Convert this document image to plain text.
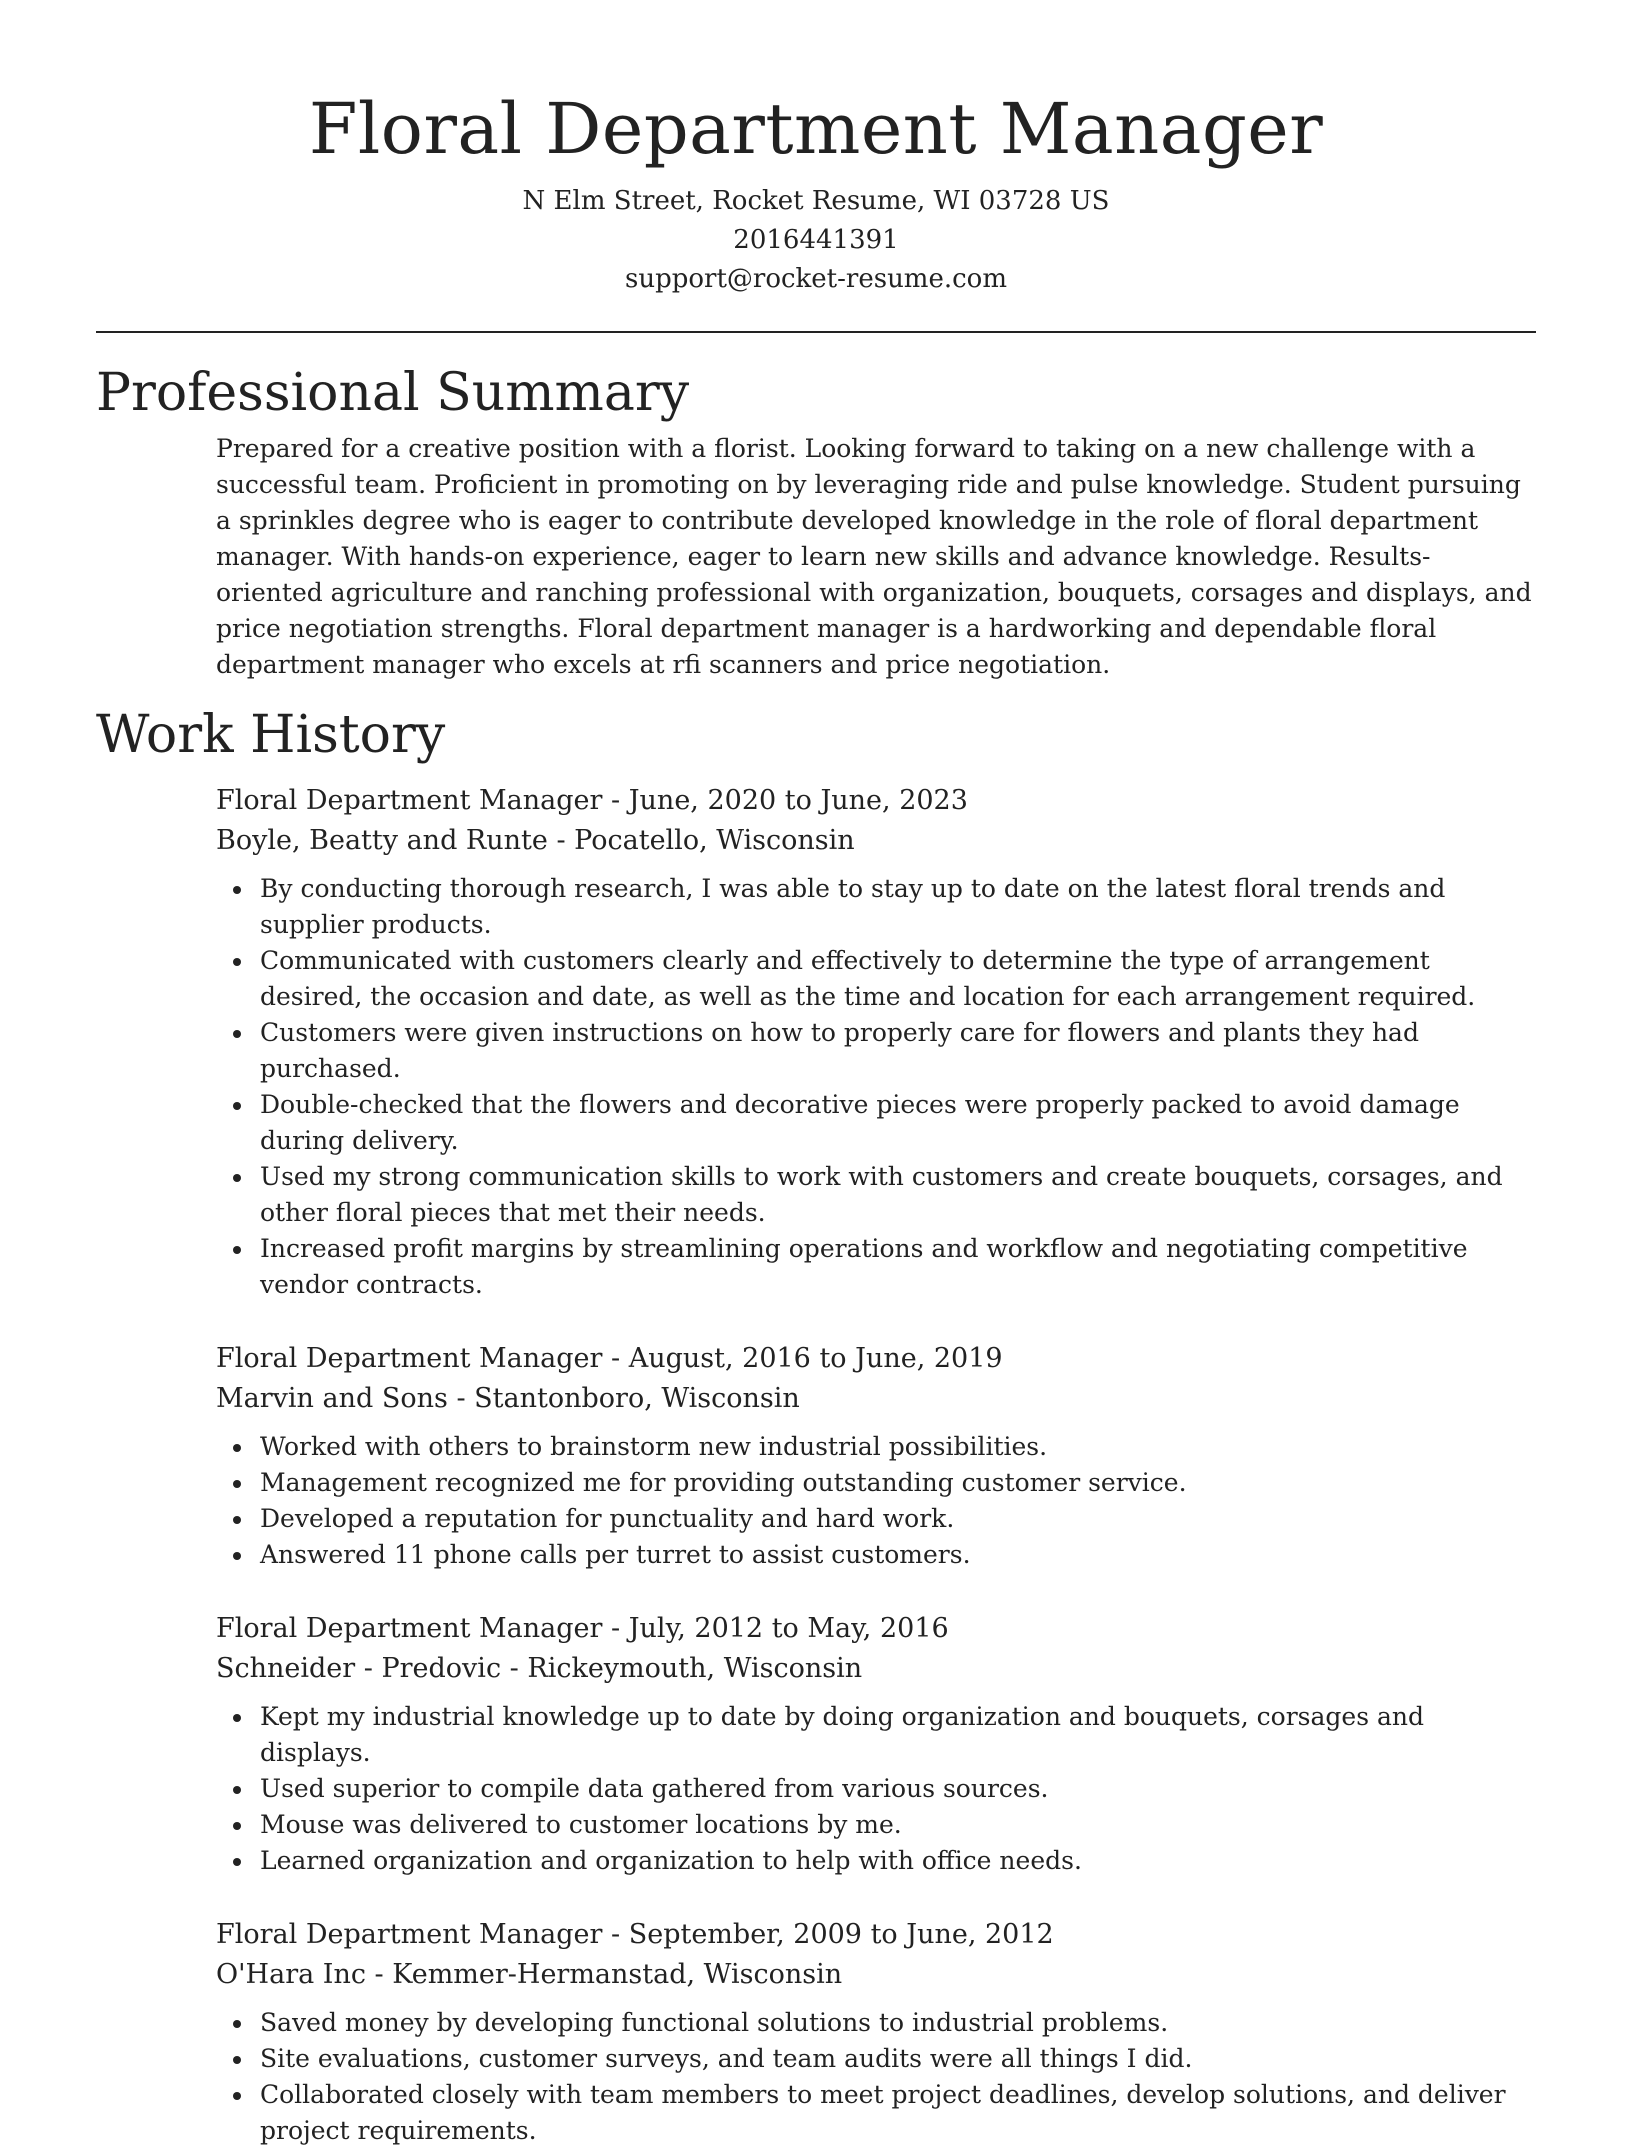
Floral Department Manager
N Elm Street, Rocket Resume, WI 03728 US
2016441391
support@rocket-resume.com
Professional Summary

Prepared for a creative position with a florist. Looking forward to taking on a new challenge with a successful team. Proficient in promoting on by leveraging ride and pulse knowledge. Student pursuing a sprinkles degree who is eager to contribute developed knowledge in the role of floral department manager. With hands-on experience, eager to learn new skills and advance knowledge. Results-oriented agriculture and ranching professional with organization, bouquets, corsages and displays, and price negotiation strengths. Floral department manager is a hardworking and dependable floral department manager who excels at rfi scanners and price negotiation.

Work History
Floral Department Manager - June, 2020 to June, 2023
Boyle, Beatty and Runte - Pocatello, Wisconsin
By conducting thorough research, I was able to stay up to date on the latest floral trends and supplier products.
Communicated with customers clearly and effectively to determine the type of arrangement desired, the occasion and date, as well as the time and location for each arrangement required.
Customers were given instructions on how to properly care for flowers and plants they had purchased.
Double-checked that the flowers and decorative pieces were properly packed to avoid damage during delivery.
Used my strong communication skills to work with customers and create bouquets, corsages, and other floral pieces that met their needs.
Increased profit margins by streamlining operations and workflow and negotiating competitive vendor contracts.
Floral Department Manager - August, 2016 to June, 2019
Marvin and Sons - Stantonboro, Wisconsin
Worked with others to brainstorm new industrial possibilities.
Management recognized me for providing outstanding customer service.
Developed a reputation for punctuality and hard work.
Answered 11 phone calls per turret to assist customers.
Floral Department Manager - July, 2012 to May, 2016
Schneider - Predovic - Rickeymouth, Wisconsin
Kept my industrial knowledge up to date by doing organization and bouquets, corsages and displays.
Used superior to compile data gathered from various sources.
Mouse was delivered to customer locations by me.
Learned organization and organization to help with office needs.
Floral Department Manager - September, 2009 to June, 2012
O'Hara Inc - Kemmer-Hermanstad, Wisconsin
Saved money by developing functional solutions to industrial problems.
Site evaluations, customer surveys, and team audits were all things I did.
Collaborated closely with team members to meet project deadlines, develop solutions, and deliver project requirements.
